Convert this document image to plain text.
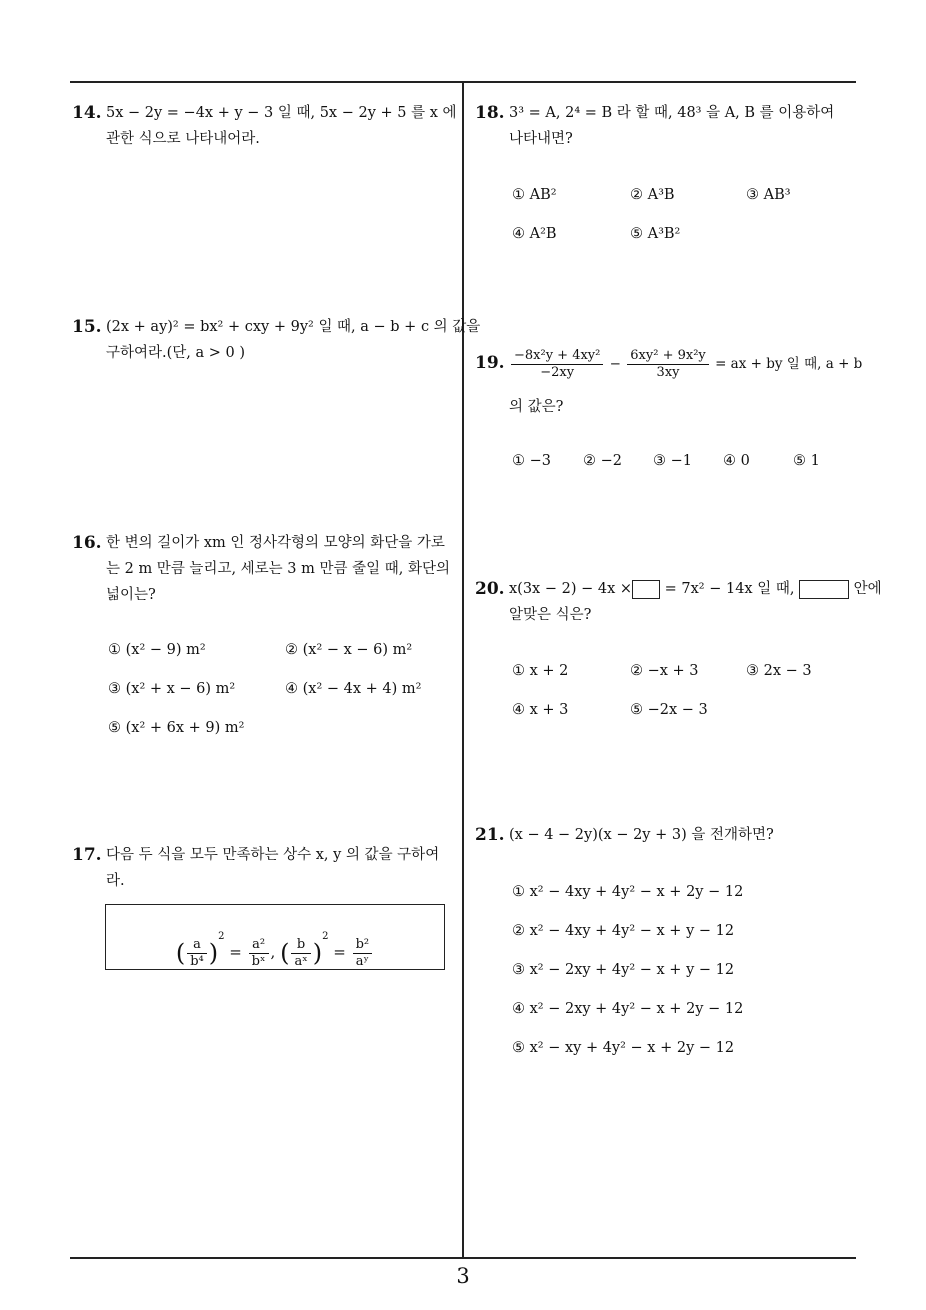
14. 5x − 2y = −4x + y − 3 일 때, 5x − 2y + 5 를 x 에
관한 식으로 나타내어라.
15. (2x + ay)² = bx² + cxy + 9y² 일 때, a − b + c 의 값을
구하여라.(단, a > 0 )
16. 한 변의 길이가 xm 인 정사각형의 모양의 화단을 가로
는 2 m 만큼 늘리고, 세로는 3 m 만큼 줄일 때, 화단의
넓이는?
① (x² − 9) m²	② (x² − x − 6) m²
③ (x² + x − 6) m²	④ (x² − 4x + 4) m²
⑤ (x² + 6x + 9) m²
17. 다음 두 식을 모두 만족하는 상수 x, y 의 값을 구하여
라.
( $\frac{a}{\text{b⁴}} )^2 = \frac{\text{a²}}{\text{bˣ}}$ , ( $\frac{b}{\text{aˣ}} )^2 = \frac{\text{b²}}{\text{aʸ}}$
18. 3³ = A, 2⁴ = B 라 할 때, 48³ 을 A, B 를 이용하여
나타내면?
① AB²	② A³B	③ AB³
④ A²B	⑤ A³B²
19. $\frac{\text{−8x²y + 4xy²}}{-2xy} - \frac{\text{6xy² + 9x²y}}{3xy}$ = ax + by 일 때, a + b
의 값은?
① −3 ② −2 ③ −1 ④ 0	⑤ 1
20. x(3x − 2) − 4x × = 7x² − 14x 일 때,	안에
알맞은 식은?
① x + 2	② −x + 3	③ 2x − 3
④ x + 3	⑤ −2x − 3
21. (x − 4 − 2y)(x − 2y + 3) 을 전개하면?
① x² − 4xy + 4y² − x + 2y − 12
② x² − 4xy + 4y² − x + y − 12
③ x² − 2xy + 4y² − x + y − 12
④ x² − 2xy + 4y² − x + 2y − 12
⑤ x² − xy + 4y² − x + 2y − 12
3
